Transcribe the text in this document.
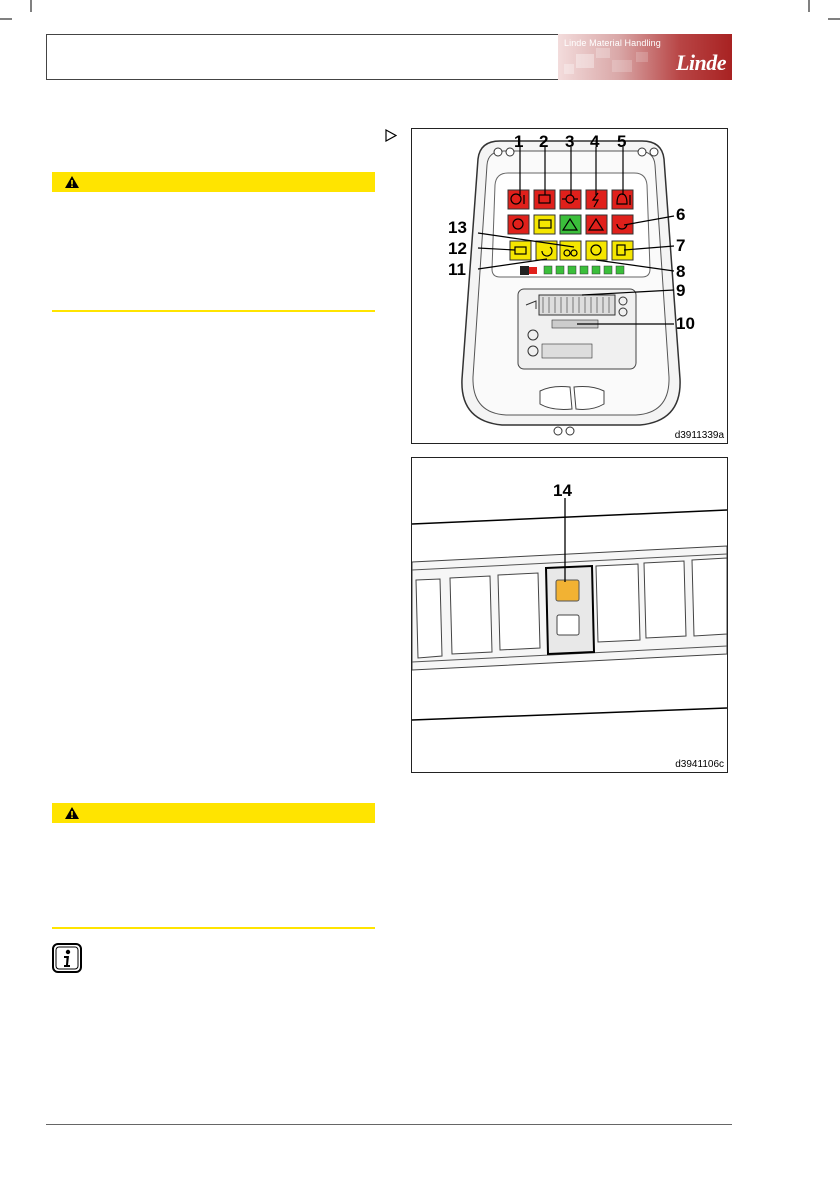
Linde Material Handling
Linde
1 2 3 4 5
6
7
8
9
10
11
12
13
d3911339a
14
d3941106c
